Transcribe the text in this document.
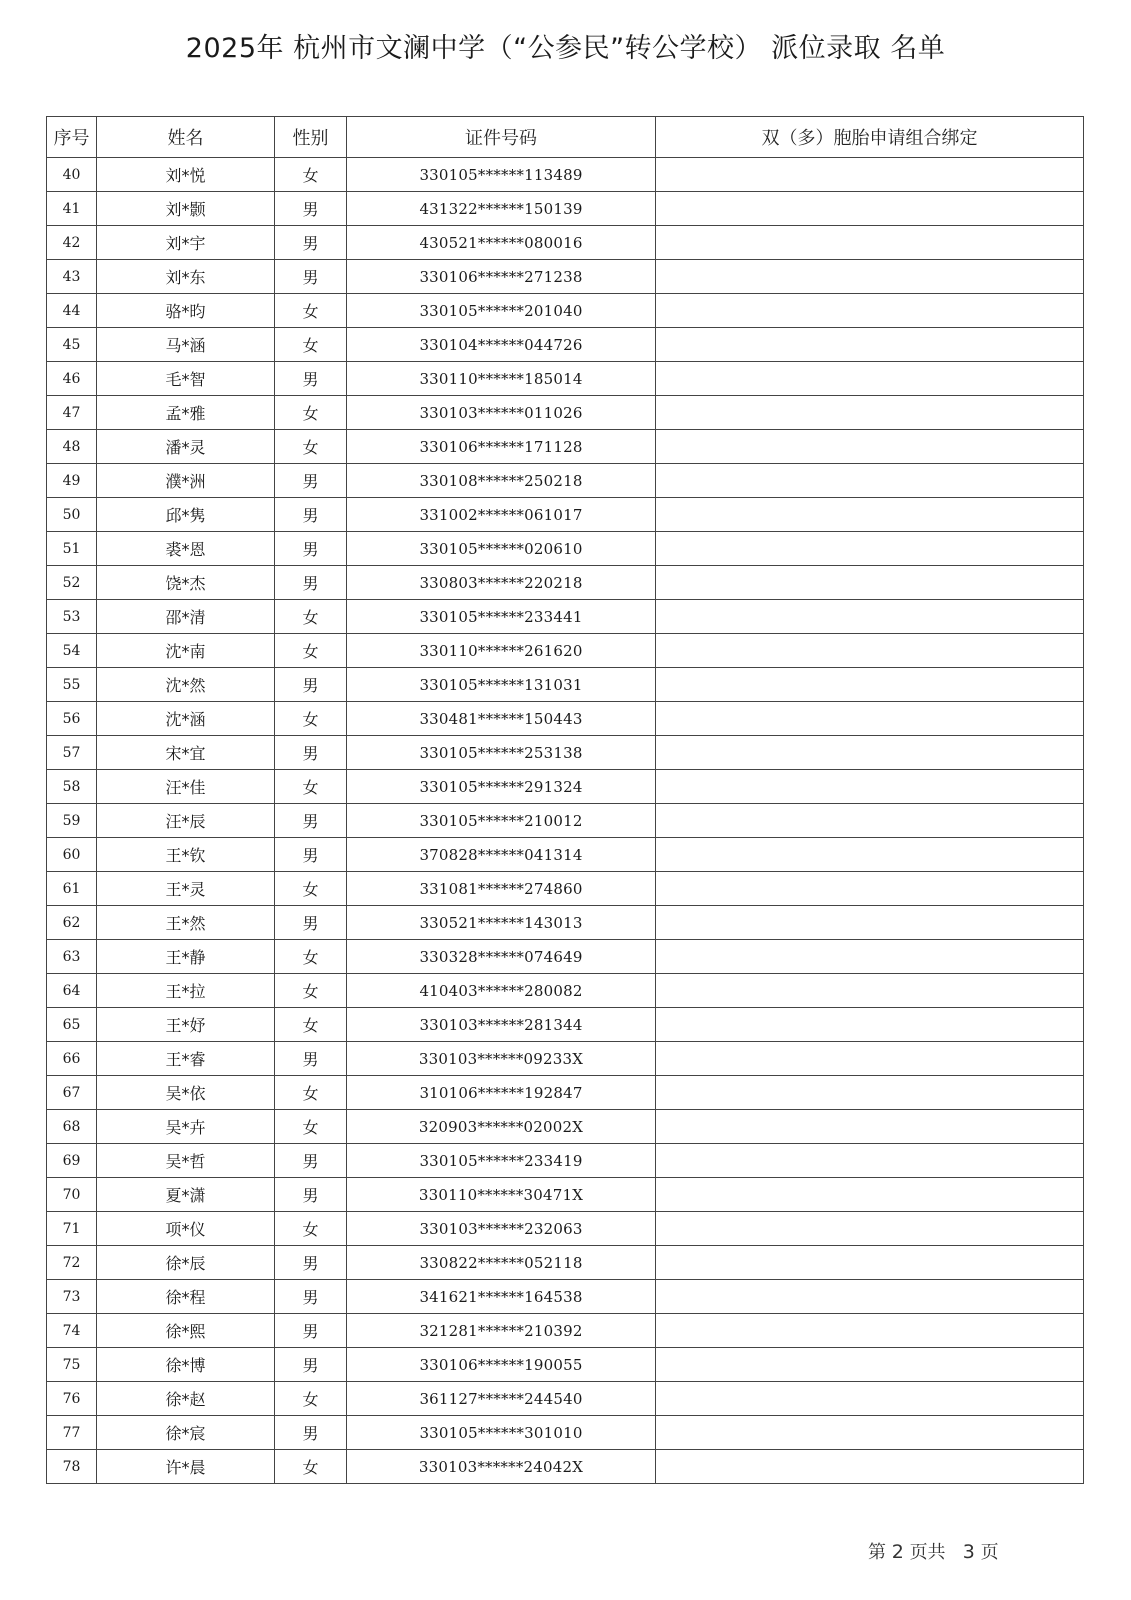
2025年 杭州市文澜中学（“公参民”转公学校） 派位录取 名单
序号	姓名	性别	证件号码	双（多）胞胎申请组合绑定
40	刘*悦	女	330105******113489	
41	刘*颢	男	431322******150139	
42	刘*宇	男	430521******080016	
43	刘*东	男	330106******271238	
44	骆*昀	女	330105******201040	
45	马*涵	女	330104******044726	
46	毛*智	男	330110******185014	
47	孟*雅	女	330103******011026	
48	潘*灵	女	330106******171128	
49	濮*洲	男	330108******250218	
50	邱*隽	男	331002******061017	
51	裘*恩	男	330105******020610	
52	饶*杰	男	330803******220218	
53	邵*清	女	330105******233441	
54	沈*南	女	330110******261620	
55	沈*然	男	330105******131031	
56	沈*涵	女	330481******150443	
57	宋*宜	男	330105******253138	
58	汪*佳	女	330105******291324	
59	汪*辰	男	330105******210012	
60	王*钦	男	370828******041314	
61	王*灵	女	331081******274860	
62	王*然	男	330521******143013	
63	王*静	女	330328******074649	
64	王*拉	女	410403******280082	
65	王*妤	女	330103******281344	
66	王*睿	男	330103******09233X	
67	吴*依	女	310106******192847	
68	吴*卉	女	320903******02002X	
69	吴*哲	男	330105******233419	
70	夏*潇	男	330110******30471X	
71	项*仪	女	330103******232063	
72	徐*辰	男	330822******052118	
73	徐*程	男	341621******164538	
74	徐*熙	男	321281******210392	
75	徐*博	男	330106******190055	
76	徐*赵	女	361127******244540	
77	徐*宸	男	330105******301010	
78	许*晨	女	330103******24042X	
第 2 页共 3 页
